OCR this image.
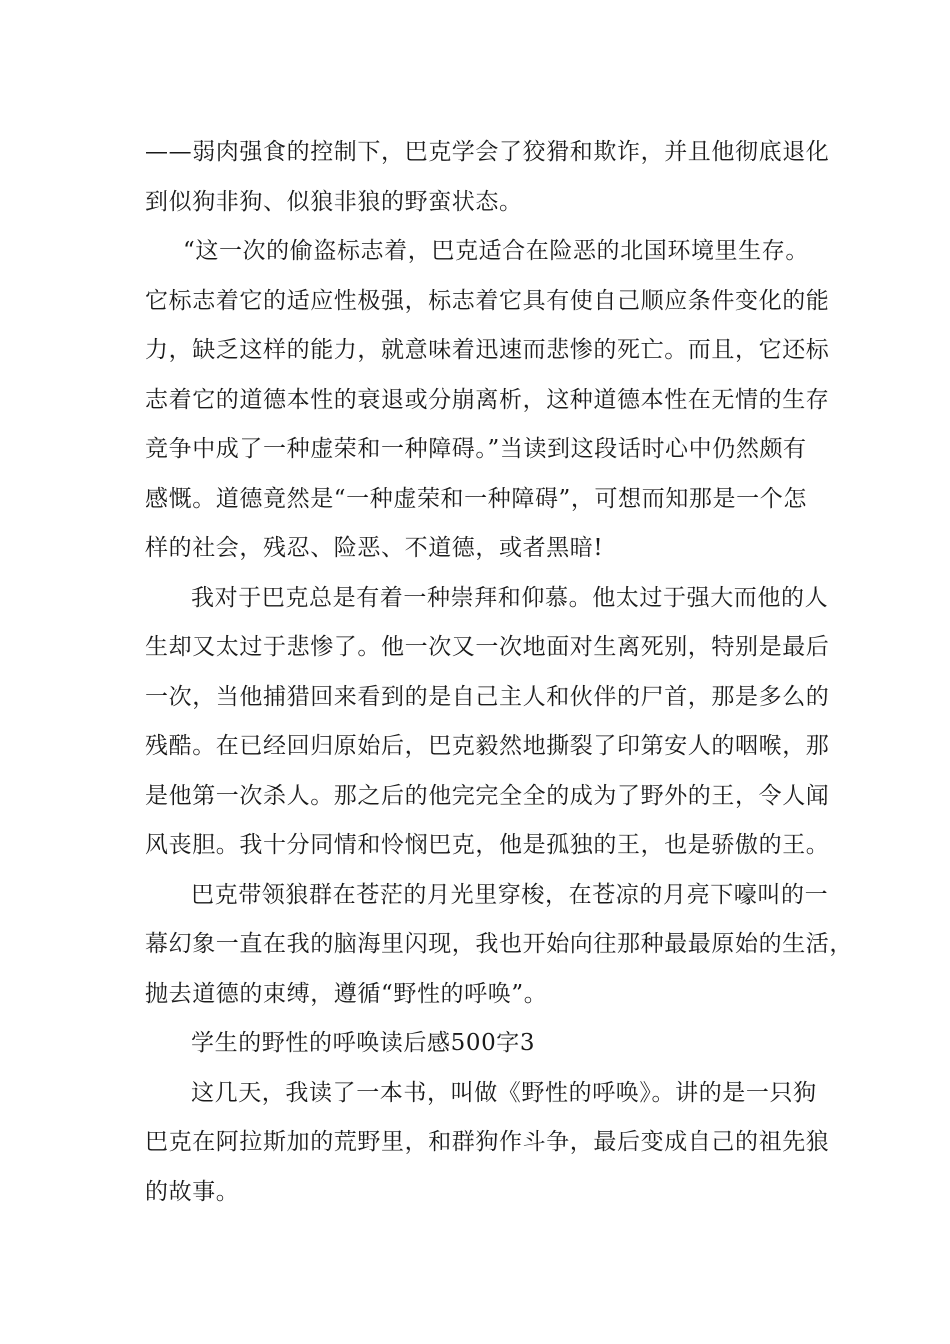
——弱肉强食的控制下，巴克学会了狡猾和欺诈，并且他彻底退化
到似狗非狗、似狼非狼的野蛮状态。
“这一次的偷盗标志着，巴克适合在险恶的北国环境里生存。
它标志着它的适应性极强，标志着它具有使自己顺应条件变化的能
力，缺乏这样的能力，就意味着迅速而悲惨的死亡。而且，它还标
志着它的道德本性的衰退或分崩离析，这种道德本性在无情的生存
竞争中成了一种虚荣和一种障碍。”当读到这段话时心中仍然颇有
感慨。道德竟然是“一种虚荣和一种障碍”，可想而知那是一个怎
样的社会，残忍、险恶、不道德，或者黑暗!
我对于巴克总是有着一种崇拜和仰慕。他太过于强大而他的人
生却又太过于悲惨了。他一次又一次地面对生离死别，特别是最后
一次，当他捕猎回来看到的是自己主人和伙伴的尸首，那是多么的
残酷。在已经回归原始后，巴克毅然地撕裂了印第安人的咽喉，那
是他第一次杀人。那之后的他完完全全的成为了野外的王，令人闻
风丧胆。我十分同情和怜悯巴克，他是孤独的王，也是骄傲的王。
巴克带领狼群在苍茫的月光里穿梭，在苍凉的月亮下嚎叫的一
幕幻象一直在我的脑海里闪现，我也开始向往那种最最原始的生活，
抛去道德的束缚，遵循“野性的呼唤”。
学生的野性的呼唤读后感500字3
这几天，我读了一本书，叫做《野性的呼唤》。讲的是一只狗
巴克在阿拉斯加的荒野里，和群狗作斗争，最后变成自己的祖先狼
的故事。
